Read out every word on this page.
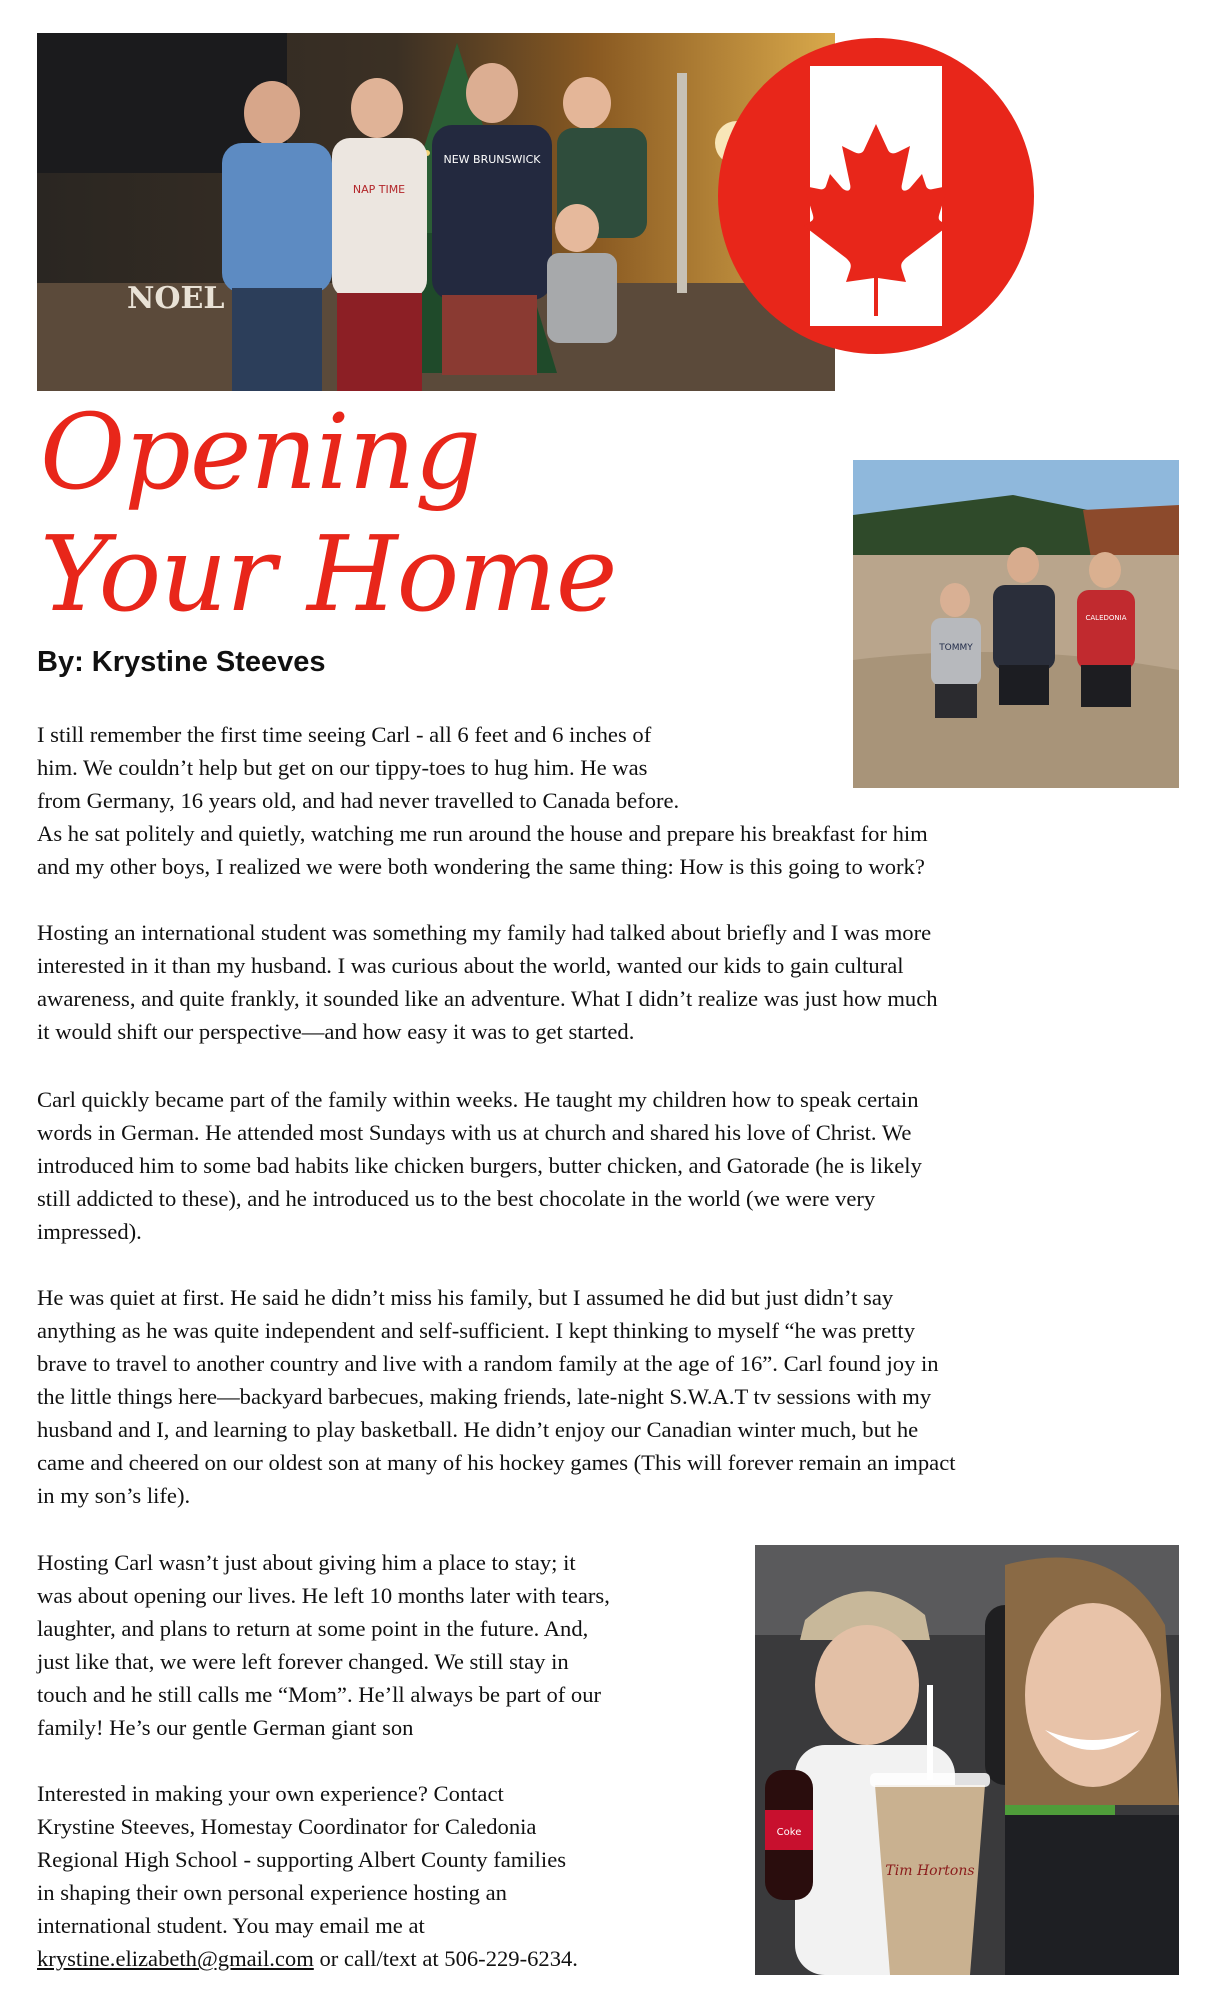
NAP TIME
NEW BRUNSWICK
NOEL
Opening
Your Home
By: Krystine Steeves	TOMMY
CALEDONIA
I still remember the first time seeing Carl - all 6 feet and 6 inches of
him. We couldn’t help but get on our tippy-toes to hug him. He was
from Germany, 16 years old, and had never travelled to Canada before.
As he sat politely and quietly, watching me run around the house and prepare his breakfast for him
and my other boys, I realized we were both wondering the same thing: How is this going to work?
Hosting an international student was something my family had talked about briefly and I was more
interested in it than my husband. I was curious about the world, wanted our kids to gain cultural
awareness, and quite frankly, it sounded like an adventure. What I didn’t realize was just how much
it would shift our perspective—and how easy it was to get started.
Carl quickly became part of the family within weeks. He taught my children how to speak certain
words in German. He attended most Sundays with us at church and shared his love of Christ. We
introduced him to some bad habits like chicken burgers, butter chicken, and Gatorade (he is likely
still addicted to these), and he introduced us to the best chocolate in the world (we were very
impressed).
He was quiet at first. He said he didn’t miss his family, but I assumed he did but just didn’t say
anything as he was quite independent and self-sufficient. I kept thinking to myself “he was pretty
brave to travel to another country and live with a random family at the age of 16”. Carl found joy in
the little things here—backyard barbecues, making friends, late-night S.W.A.T tv sessions with my
husband and I, and learning to play basketball. He didn’t enjoy our Canadian winter much, but he
came and cheered on our oldest son at many of his hockey games (This will forever remain an impact
in my son’s life).
Hosting Carl wasn’t just about giving him a place to stay; it
was about opening our lives. He left 10 months later with tears,
laughter, and plans to return at some point in the future. And,
just like that, we were left forever changed. We still stay in
touch and he still calls me “Mom”. He’ll always be part of our
family! He’s our gentle German giant son
Interested in making your own experience? Contact
Krystine Steeves, Homestay Coordinator for Caledonia
Regional High School - supporting Albert County families
in shaping their own personal experience hosting an
international student. You may email me at
krystine.elizabeth@gmail.com or call/text at 506-229-6234.
Coke
Tim Hortons
